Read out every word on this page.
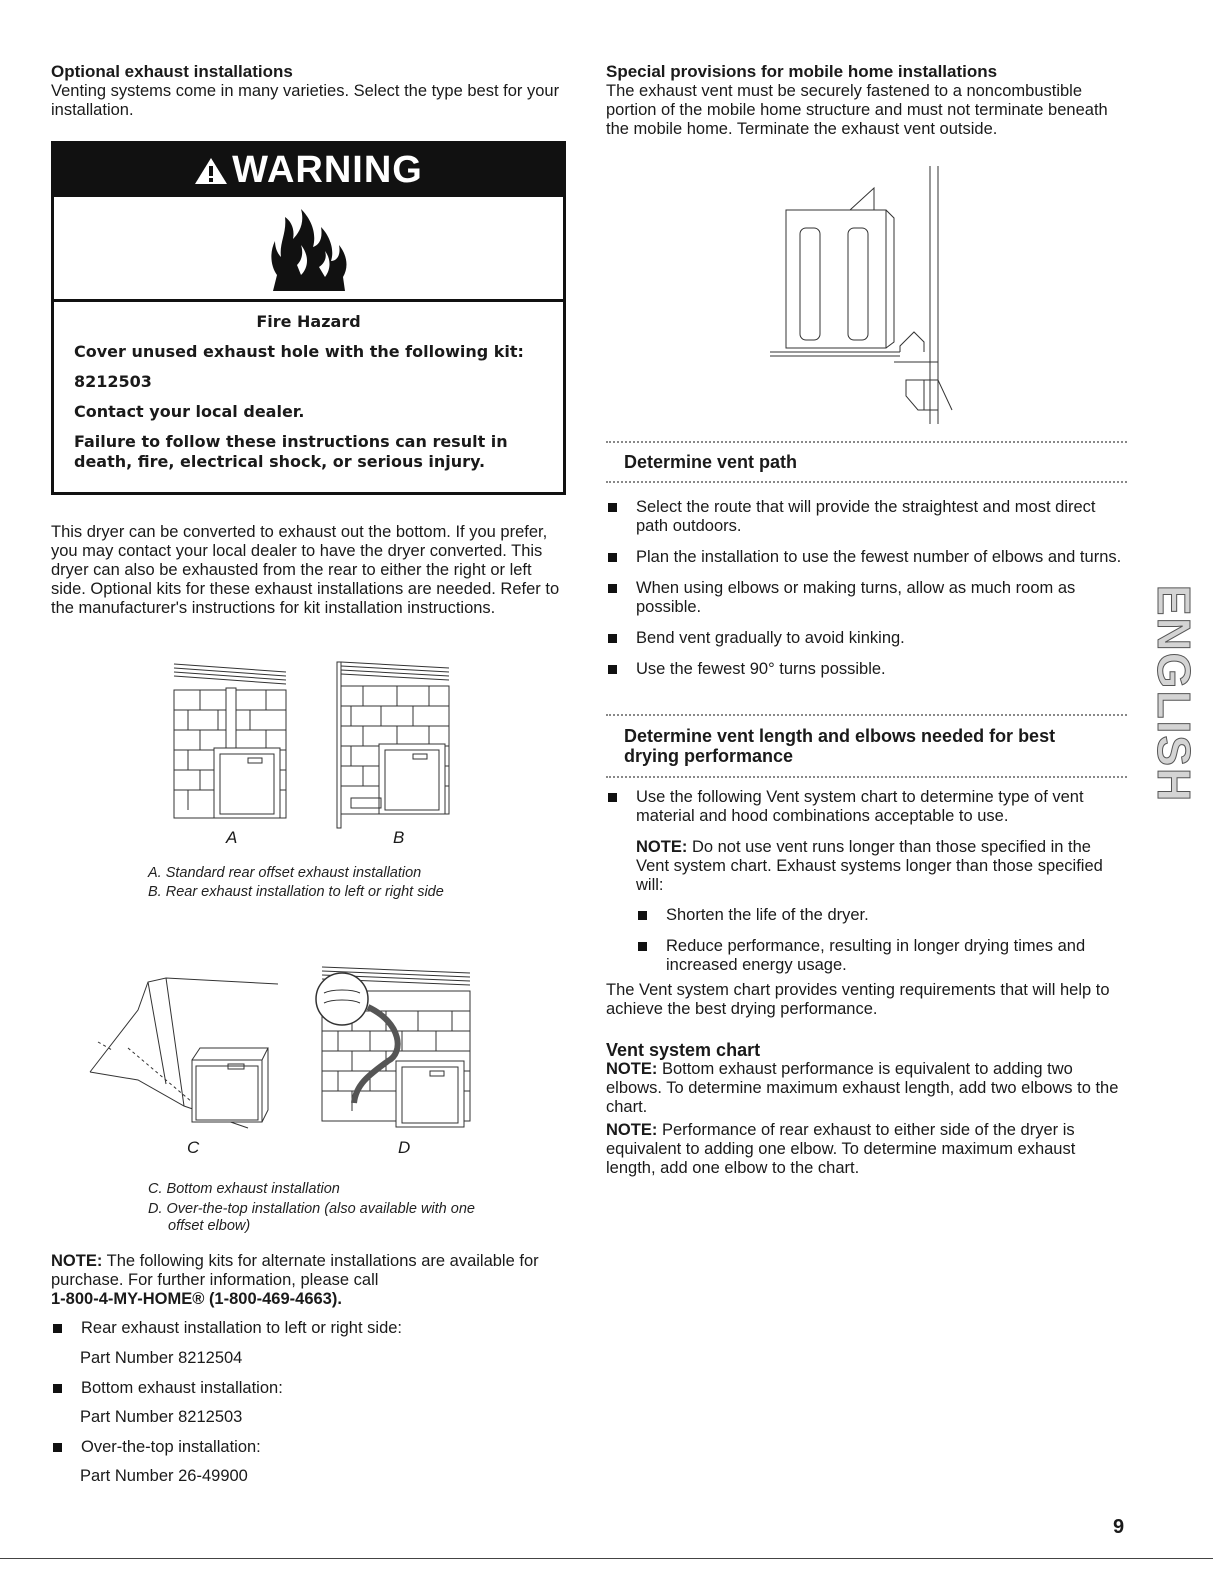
Optional exhaust installations

Venting systems come in many varieties. Select the type best for your installation.

WARNING

Fire Hazard

Cover unused exhaust hole with the following kit:

8212503

Contact your local dealer.

Failure to follow these instructions can result in death, fire, electrical shock, or serious injury.

This dryer can be converted to exhaust out the bottom. If you prefer, you may contact your local dealer to have the dryer converted. This dryer can also be exhausted from the rear to either the right or left side. Optional kits for these exhaust installations are needed. Refer to the manufacturer's instructions for kit installation instructions.

A	B
A. Standard rear offset exhaust installation
B. Rear exhaust installation to left or right side
C	D
C. Bottom exhaust installation
D. Over-the-top installation (also available with one
offset elbow)

NOTE: The following kits for alternate installations are available for purchase. For further information, please call

1-800-4-MY-HOME® (1-800-469-4663).

Rear exhaust installation to left or right side:
Part Number 8212504
Bottom exhaust installation:
Part Number 8212503
Over-the-top installation:
Part Number 26-49900

Special provisions for mobile home installations

The exhaust vent must be securely fastened to a noncombustible portion of the mobile home structure and must not terminate beneath the mobile home. Terminate the exhaust vent outside.

Determine vent path

Select the route that will provide the straightest and most direct path outdoors.
Plan the installation to use the fewest number of elbows and turns.
When using elbows or making turns, allow as much room as possible.
Bend vent gradually to avoid kinking.
Use the fewest 90° turns possible.

Determine vent length and elbows needed for best drying performance

Use the following Vent system chart to determine type of vent material and hood combinations acceptable to use.

NOTE: Do not use vent runs longer than those specified in the Vent system chart. Exhaust systems longer than those specified will:

Shorten the life of the dryer.
Reduce performance, resulting in longer drying times and increased energy usage.

The Vent system chart provides venting requirements that will help to achieve the best drying performance.

Vent system chart

NOTE: Bottom exhaust performance is equivalent to adding two elbows. To determine maximum exhaust length, add two elbows to the chart.

NOTE: Performance of rear exhaust to either side of the dryer is equivalent to adding one elbow. To determine maximum exhaust length, add one elbow to the chart.

ENGLISH
9
